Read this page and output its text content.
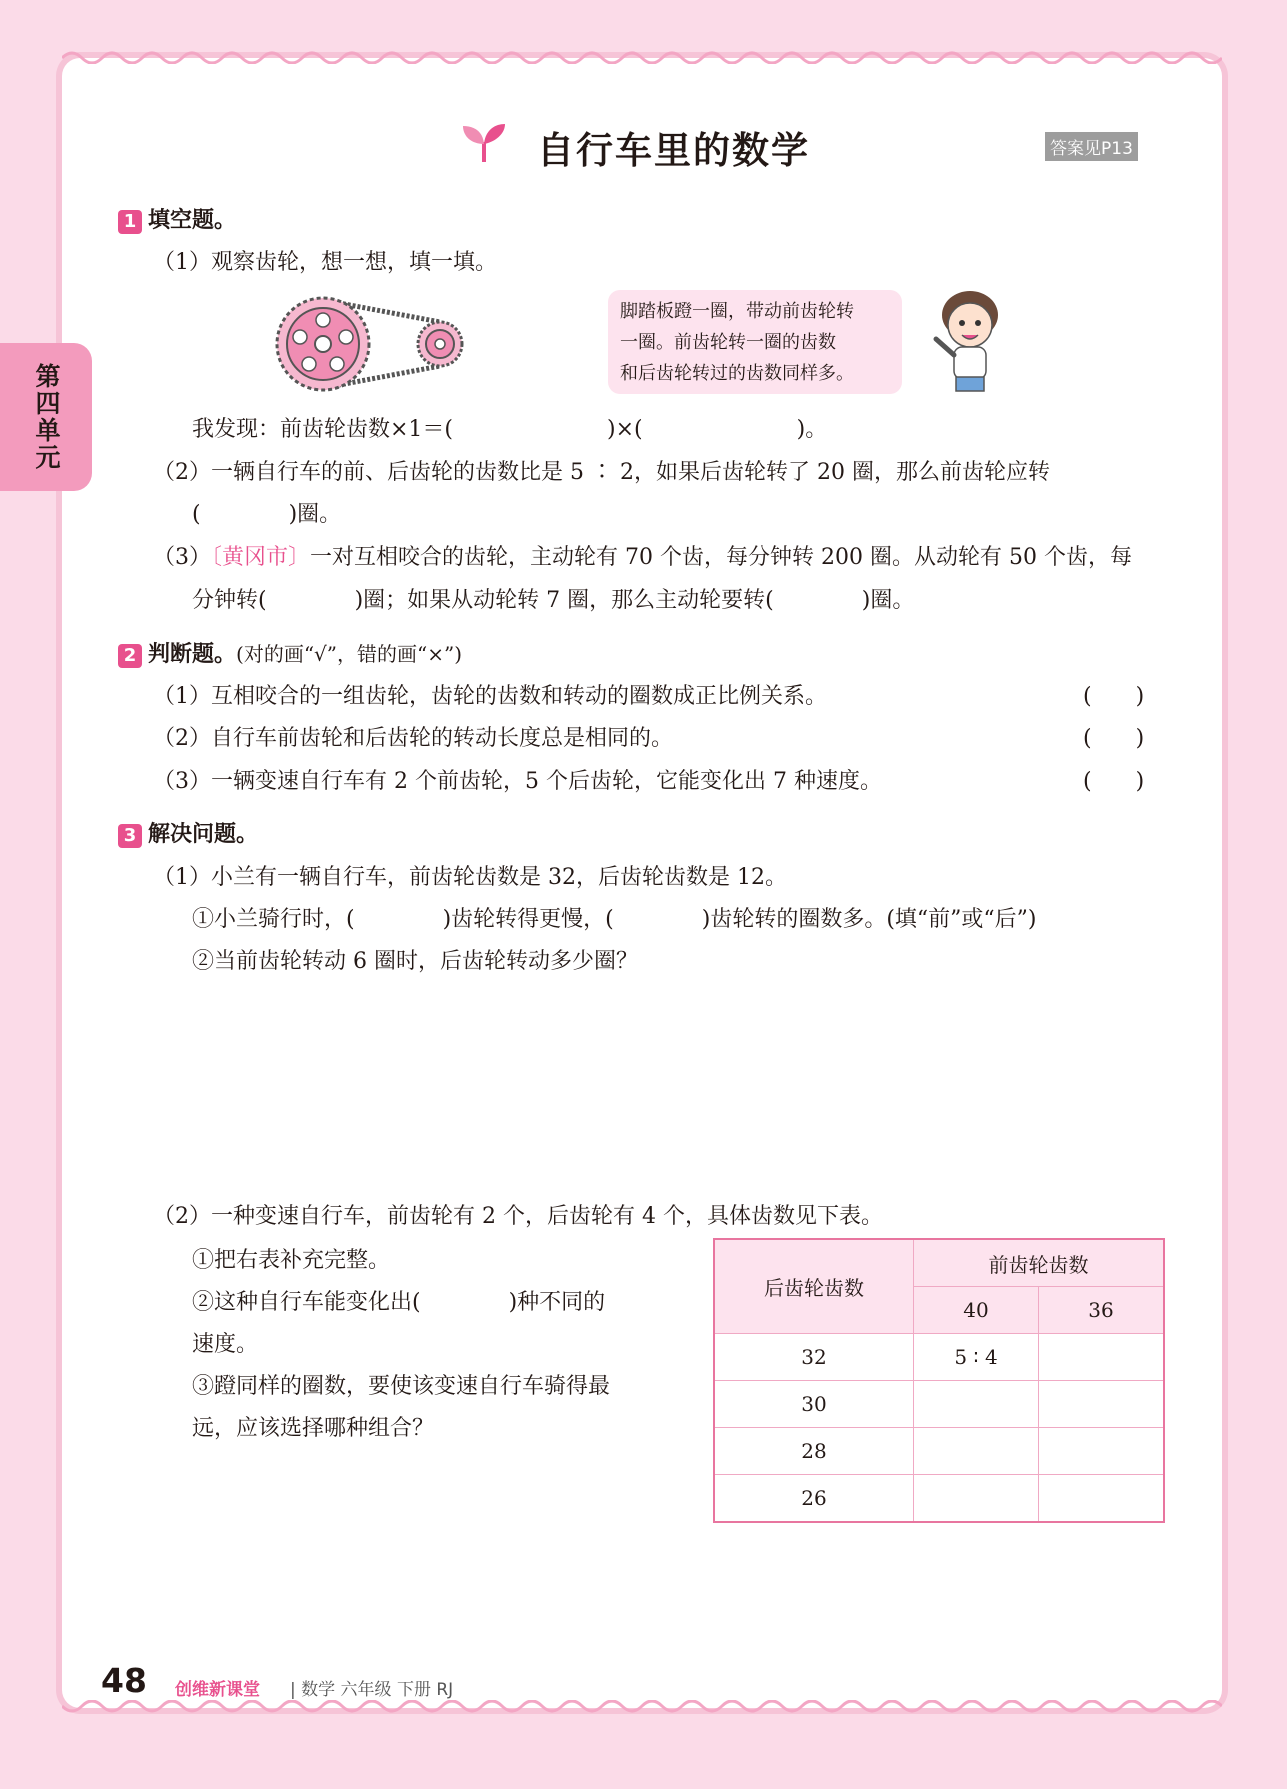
第四单元
自行车里的数学	答案见P13
1 填空题。
（1）观察齿轮，想一想，填一填。
脚踏板蹬一圈，带动前齿轮转
一圈。前齿轮转一圈的齿数
和后齿轮转过的齿数同样多。
我发现：前齿轮齿数×1＝(　　　　　　　)×(　　　　　　　)。
（2）一辆自行车的前、后齿轮的齿数比是 5 ∶ 2，如果后齿轮转了 20 圈，那么前齿轮应转
(　　　　)圈。
（3）〔黄冈市〕一对互相咬合的齿轮，主动轮有 70 个齿，每分钟转 200 圈。从动轮有 50 个齿，每
分钟转(　　　　)圈；如果从动轮转 7 圈，那么主动轮要转(　　　　)圈。
2 判断题。(对的画“√”，错的画“×”)
（1）互相咬合的一组齿轮，齿轮的齿数和转动的圈数成正比例关系。	(　　)
（2）自行车前齿轮和后齿轮的转动长度总是相同的。	(　　)
（3）一辆变速自行车有 2 个前齿轮，5 个后齿轮，它能变化出 7 种速度。	(　　)
3 解决问题。
（1）小兰有一辆自行车，前齿轮齿数是 32，后齿轮齿数是 12。
①小兰骑行时，(　　　　)齿轮转得更慢，(　　　　)齿轮转的圈数多。(填“前”或“后”)
②当前齿轮转动 6 圈时，后齿轮转动多少圈？
（2）一种变速自行车，前齿轮有 2 个，后齿轮有 4 个，具体齿数见下表。
①把右表补充完整。
②这种自行车能变化出(　　　　)种不同的
速度。
③蹬同样的圈数，要使该变速自行车骑得最
远，应该选择哪种组合？
后齿轮齿数	前齿轮齿数	
	40	36
32	5 ∶ 4	
30		
28		
26		
48 创维新课堂 | 数学 六年级 下册 RJ
